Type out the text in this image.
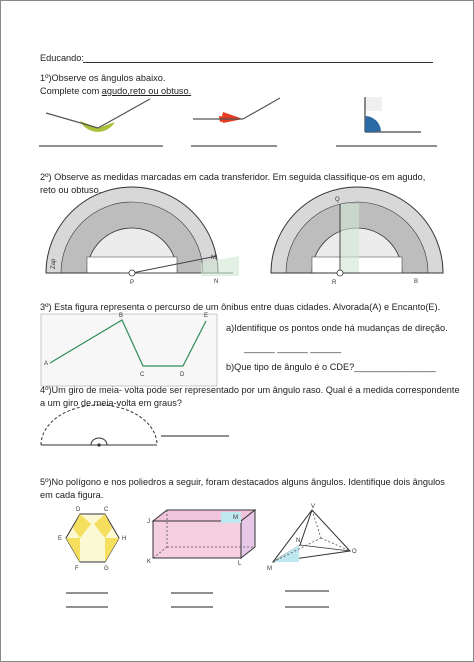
Educando:
1º)Observe os ângulos abaixo.
Complete com agudo,reto ou obtuso.
2º) Observe as medidas marcadas em cada transferidor. Em seguida classifique-os em agudo, reto ou obtuso.
P
M
N
Zap
R
Q
B
3º) Esta figura representa o percurso de um ônibus entre duas cidades. Alvorada(A) e Encanto(E).
A
B
C	D
E
a)Identifique os pontos onde há mudanças de direção.
______ ______ ______
b)Que tipo de ângulo é o CDE?________________
4º)Um giro de meia- volta pode ser representado por um ângulo raso. Qual é a medida correspondente a um giro de meia-volta em graus?
5º)No polígono e nos poliedros a seguir, foram destacados alguns ângulos. Identifique dois ângulos em cada figura.
D	C
E	H
F	G
J
M
K	L
V
N
M
O
